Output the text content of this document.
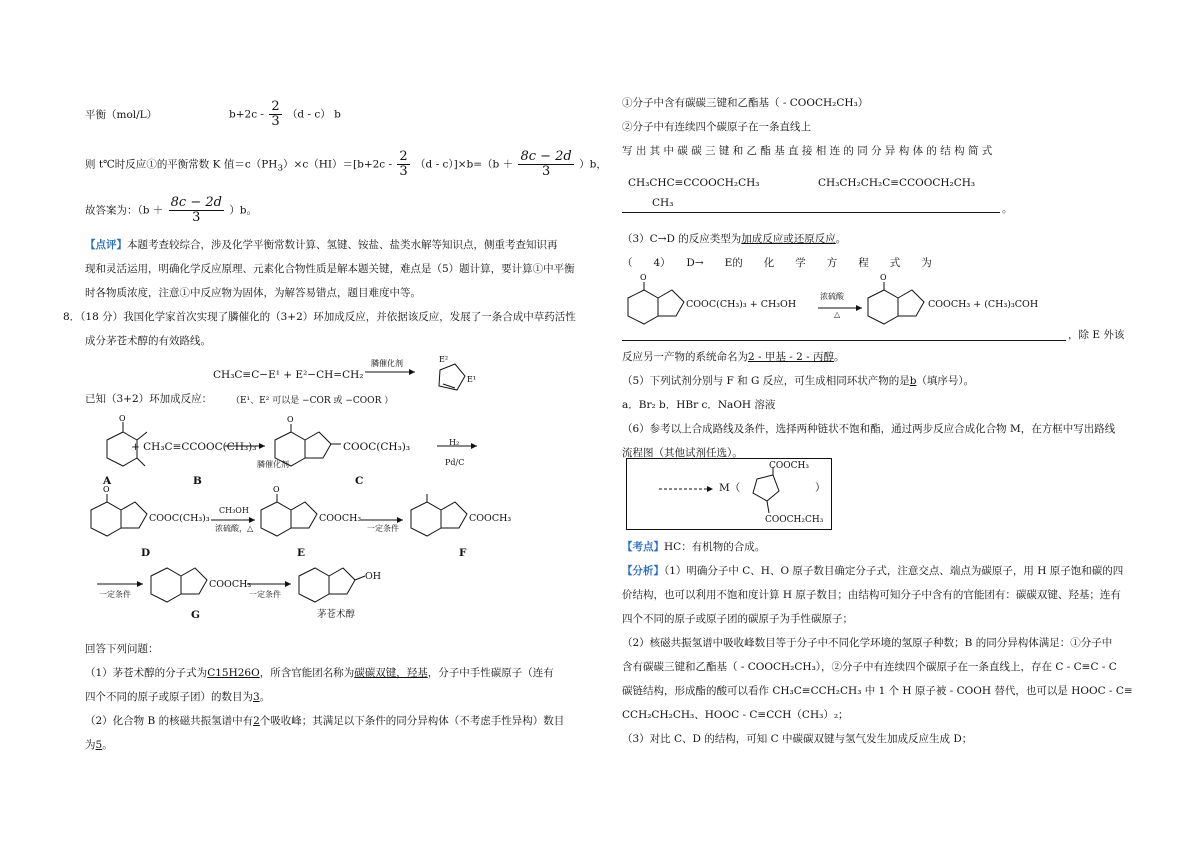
平衡（mol/L）	$b+2c - \frac{2}{3} (d - c)$ b
则 t℃时反应①的平衡常数 K 值$=c(PH_3)\times c(HI)=[b+2c - \frac{2}{3} (d - c)]\times b=(b + \frac{8c - 2d}{3} )b$，
故答案为：$(b + \frac{8c - 2d}{3} )b$。
【点评】本题考查较综合，涉及化学平衡常数计算、氢键、铵盐、盐类水解等知识点，侧重考查知识再
现和灵活运用，明确化学反应原理、元素化合物性质是解本题关键，难点是（5）题计算，要计算①中平衡
时各物质浓度，注意①中反应物为固体，为解答易错点，题目难度中等。
8．（18 分）我国化学家首次实现了膦催化的（3+2）环加成反应，并依据该反应，发展了一条合成中草药活性
成分茅苍术醇的有效路线。
CH₃C≡C−E¹ + E²−CH=CH₂
膦催化剂	E²
E¹
已知（3+2）环加成反应： （E¹、E² 可以是 −COR 或 −COOR ）
O	O
+ CH₃C≡CCOOC(CH₃)₃
膦催化剂
COOC(CH₃)₃	H₂
Pd/C
A	B	C
O	O
COOC(CH₃)₃
CH₃OH
浓硫酸，△
COOCH₃
一定条件
COOCH₃
D	E	F
COOCH₃
一定条件	一定条件
OH
G	茅苍术醇
回答下列问题：
（1）茅苍术醇的分子式为C15H26O，所含官能团名称为碳碳双键，羟基，分子中手性碳原子（连有
四个不同的原子或原子团）的数目为3。
（2）化合物 B 的核磁共振氢谱中有2个吸收峰；其满足以下条件的同分异构体（不考虑手性异构）数目
为5。
①分子中含有碳碳三键和乙酯基（ - COOCH₂CH₃）
②分子中有连续四个碳原子在一条直线上
写 出 其 中 碳 碳 三 键 和 乙 酯 基 直 接 相 连 的 同 分 异 构 体 的 结 构 简 式
CH₃CHC≡CCOOCH₂CH₃
CH₃
CH₃CH₂CH₂C≡CCOOCH₂CH₃
。
（3）C→D 的反应类型为加成反应或还原反应。
（　　4）　　D→　　E的　　化　　学　　方　　程　　式　　为
O	O
COOC(CH₃)₃ + CH₃OH
浓硫酸
△
COOCH₃ + (CH₃)₃COH
，除 E 外该
反应另一产物的系统命名为2 - 甲基 - 2 - 丙醇。
（5）下列试剂分别与 F 和 G 反应，可生成相同环状产物的是b（填序号）。
a．Br₂ b．HBr c．NaOH 溶液
（6）参考以上合成路线及条件，选择两种链状不饱和酯，通过两步反应合成化合物 M，在方框中写出路线
流程图（其他试剂任选）。
M（	）
COOCH₃
COOCH₂CH₃
【考点】HC：有机物的合成。
【分析】（1）明确分子中 C、H、O 原子数目确定分子式，注意交点、端点为碳原子，用 H 原子饱和碳的四
价结构，也可以利用不饱和度计算 H 原子数目；由结构可知分子中含有的官能团有：碳碳双键、羟基；连有
四个不同的原子或原子团的碳原子为手性碳原子；
（2）核磁共振氢谱中吸收峰数目等于分子中不同化学环境的氢原子种数；B 的同分异构体满足：①分子中
含有碳碳三键和乙酯基（ - COOCH₂CH₃），②分子中有连续四个碳原子在一条直线上，存在 C - C≡C - C
碳链结构，形成酯的酸可以看作 CH₃C≡CCH₂CH₃ 中 1 个 H 原子被 - COOH 替代，也可以是 HOOC - C≡
CCH₂CH₂CH₃、HOOC - C≡CCH（CH₃）₂；
（3）对比 C、D 的结构，可知 C 中碳碳双键与氢气发生加成反应生成 D；
